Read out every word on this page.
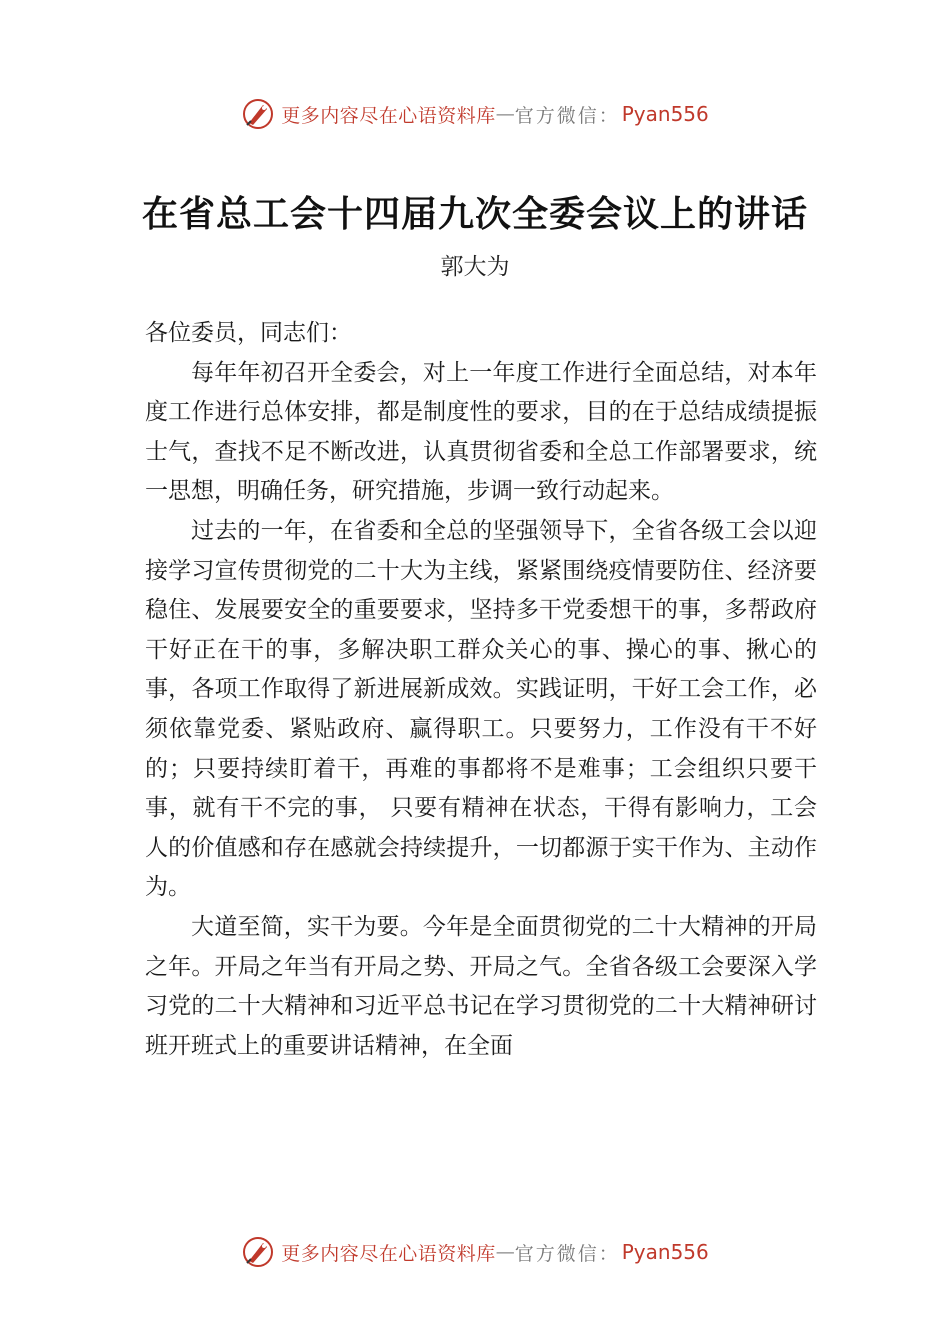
更多内容尽在心语资料库 — 官方微信： Pyan556
在省总工会十四届九次全委会议上的讲话
郭大为

各位委员，同志们：

每年年初召开全委会，对上一年度工作进行全面总结，对本年度工作进行总体安排，都是制度性的要求，目的在于总结成绩提振士气，查找不足不断改进，认真贯彻省委和全总工作部署要求，统一思想，明确任务，研究措施，步调一致行动起来。

过去的一年，在省委和全总的坚强领导下，全省各级工会以迎接学习宣传贯彻党的二十大为主线，紧紧围绕疫情要防住、经济要稳住、发展要安全的重要要求，坚持多干党委想干的事，多帮政府干好正在干的事，多解决职工群众关心的事、操心的事、揪心的事，各项工作取得了新进展新成效。实践证明，干好工会工作，必须依靠党委、紧贴政府、赢得职工。只要努力，工作没有干不好的；只要持续盯着干，再难的事都将不是难事；工会组织只要干事，就有干不完的事， 只要有精神在状态，干得有影响力，工会人的价值感和存在感就会持续提升，一切都源于实干作为、主动作为。

大道至简，实干为要。今年是全面贯彻党的二十大精神的开局之年。开局之年当有开局之势、开局之气。全省各级工会要深入学习党的二十大精神和习近平总书记在学习贯彻党的二十大精神研讨班开班式上的重要讲话精神，在全面

更多内容尽在心语资料库 — 官方微信： Pyan556
